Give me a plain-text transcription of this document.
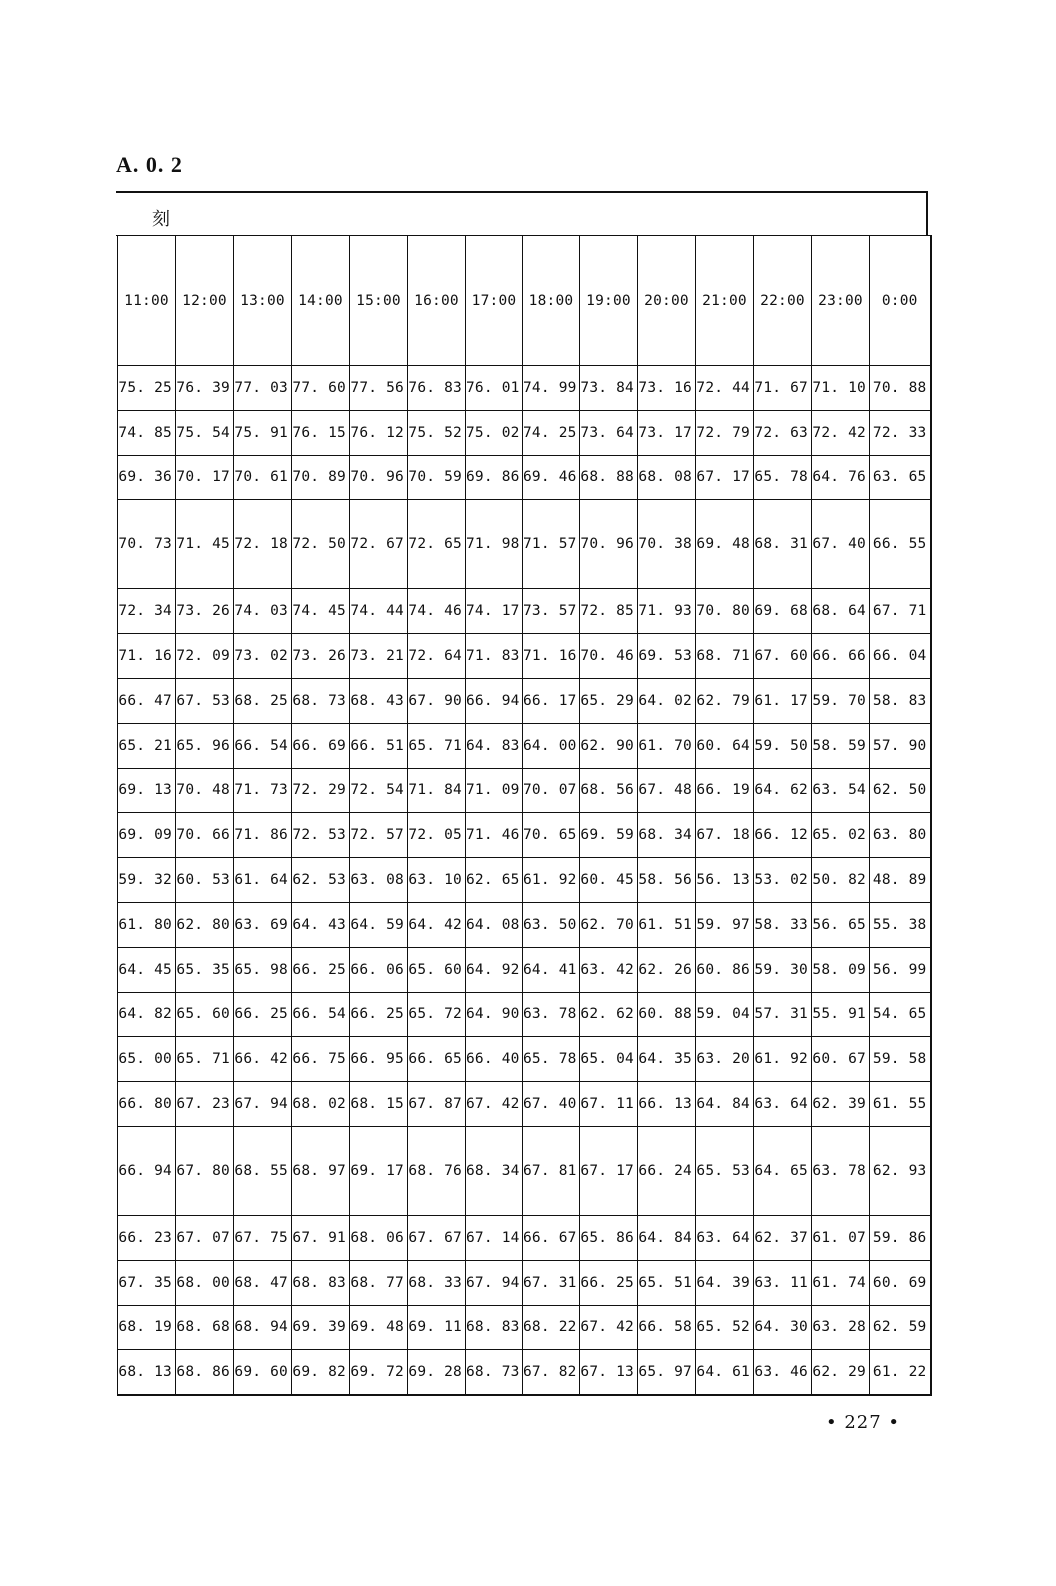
A. 0. 2
刻
11:00	12:00	13:00	14:00	15:00	16:00	17:00	18:00	19:00	20:00	21:00	22:00	23:00	0:00
75. 25	76. 39	77. 03	77. 60	77. 56	76. 83	76. 01	74. 99	73. 84	73. 16	72. 44	71. 67	71. 10	70. 88
74. 85	75. 54	75. 91	76. 15	76. 12	75. 52	75. 02	74. 25	73. 64	73. 17	72. 79	72. 63	72. 42	72. 33
69. 36	70. 17	70. 61	70. 89	70. 96	70. 59	69. 86	69. 46	68. 88	68. 08	67. 17	65. 78	64. 76	63. 65
70. 73	71. 45	72. 18	72. 50	72. 67	72. 65	71. 98	71. 57	70. 96	70. 38	69. 48	68. 31	67. 40	66. 55
72. 34	73. 26	74. 03	74. 45	74. 44	74. 46	74. 17	73. 57	72. 85	71. 93	70. 80	69. 68	68. 64	67. 71
71. 16	72. 09	73. 02	73. 26	73. 21	72. 64	71. 83	71. 16	70. 46	69. 53	68. 71	67. 60	66. 66	66. 04
66. 47	67. 53	68. 25	68. 73	68. 43	67. 90	66. 94	66. 17	65. 29	64. 02	62. 79	61. 17	59. 70	58. 83
65. 21	65. 96	66. 54	66. 69	66. 51	65. 71	64. 83	64. 00	62. 90	61. 70	60. 64	59. 50	58. 59	57. 90
69. 13	70. 48	71. 73	72. 29	72. 54	71. 84	71. 09	70. 07	68. 56	67. 48	66. 19	64. 62	63. 54	62. 50
69. 09	70. 66	71. 86	72. 53	72. 57	72. 05	71. 46	70. 65	69. 59	68. 34	67. 18	66. 12	65. 02	63. 80
59. 32	60. 53	61. 64	62. 53	63. 08	63. 10	62. 65	61. 92	60. 45	58. 56	56. 13	53. 02	50. 82	48. 89
61. 80	62. 80	63. 69	64. 43	64. 59	64. 42	64. 08	63. 50	62. 70	61. 51	59. 97	58. 33	56. 65	55. 38
64. 45	65. 35	65. 98	66. 25	66. 06	65. 60	64. 92	64. 41	63. 42	62. 26	60. 86	59. 30	58. 09	56. 99
64. 82	65. 60	66. 25	66. 54	66. 25	65. 72	64. 90	63. 78	62. 62	60. 88	59. 04	57. 31	55. 91	54. 65
65. 00	65. 71	66. 42	66. 75	66. 95	66. 65	66. 40	65. 78	65. 04	64. 35	63. 20	61. 92	60. 67	59. 58
66. 80	67. 23	67. 94	68. 02	68. 15	67. 87	67. 42	67. 40	67. 11	66. 13	64. 84	63. 64	62. 39	61. 55
66. 94	67. 80	68. 55	68. 97	69. 17	68. 76	68. 34	67. 81	67. 17	66. 24	65. 53	64. 65	63. 78	62. 93
66. 23	67. 07	67. 75	67. 91	68. 06	67. 67	67. 14	66. 67	65. 86	64. 84	63. 64	62. 37	61. 07	59. 86
67. 35	68. 00	68. 47	68. 83	68. 77	68. 33	67. 94	67. 31	66. 25	65. 51	64. 39	63. 11	61. 74	60. 69
68. 19	68. 68	68. 94	69. 39	69. 48	69. 11	68. 83	68. 22	67. 42	66. 58	65. 52	64. 30	63. 28	62. 59
68. 13	68. 86	69. 60	69. 82	69. 72	69. 28	68. 73	67. 82	67. 13	65. 97	64. 61	63. 46	62. 29	61. 22
• 227 •
